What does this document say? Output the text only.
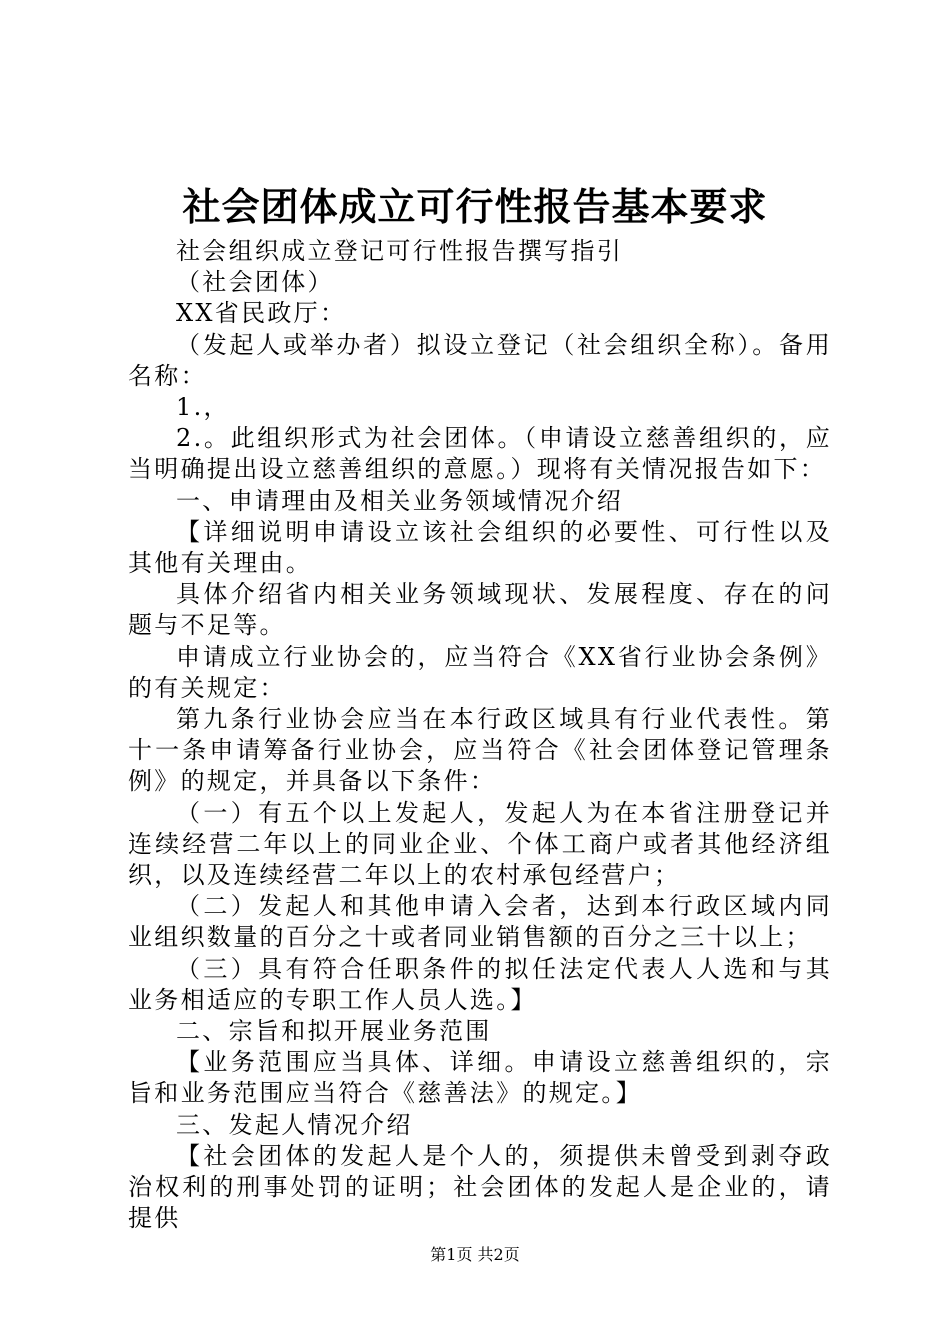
社会团体成立可行性报告基本要求

社会组织成立登记可行性报告撰写指引

（社会团体）

XX省民政厅：

（发起人或举办者）拟设立登记（社会组织全称）。备用名称：

1.，

2.。此组织形式为社会团体。（申请设立慈善组织的，应当明确提出设立慈善组织的意愿。）现将有关情况报告如下：

一、申请理由及相关业务领域情况介绍

【详细说明申请设立该社会组织的必要性、可行性以及其他有关理由。

具体介绍省内相关业务领域现状、发展程度、存在的问题与不足等。

申请成立行业协会的，应当符合《XX省行业协会条例》的有关规定：

第九条行业协会应当在本行政区域具有行业代表性。第十一条申请筹备行业协会，应当符合《社会团体登记管理条例》的规定，并具备以下条件：

（一）有五个以上发起人，发起人为在本省注册登记并连续经营二年以上的同业企业、个体工商户或者其他经济组织，以及连续经营二年以上的农村承包经营户；

（二）发起人和其他申请入会者，达到本行政区域内同业组织数量的百分之十或者同业销售额的百分之三十以上；

（三）具有符合任职条件的拟任法定代表人人选和与其业务相适应的专职工作人员人选。】

二、宗旨和拟开展业务范围

【业务范围应当具体、详细。申请设立慈善组织的，宗旨和业务范围应当符合《慈善法》的规定。】

三、发起人情况介绍

【社会团体的发起人是个人的，须提供未曾受到剥夺政治权利的刑事处罚的证明；社会团体的发起人是企业的，请提供

第1页 共2页
